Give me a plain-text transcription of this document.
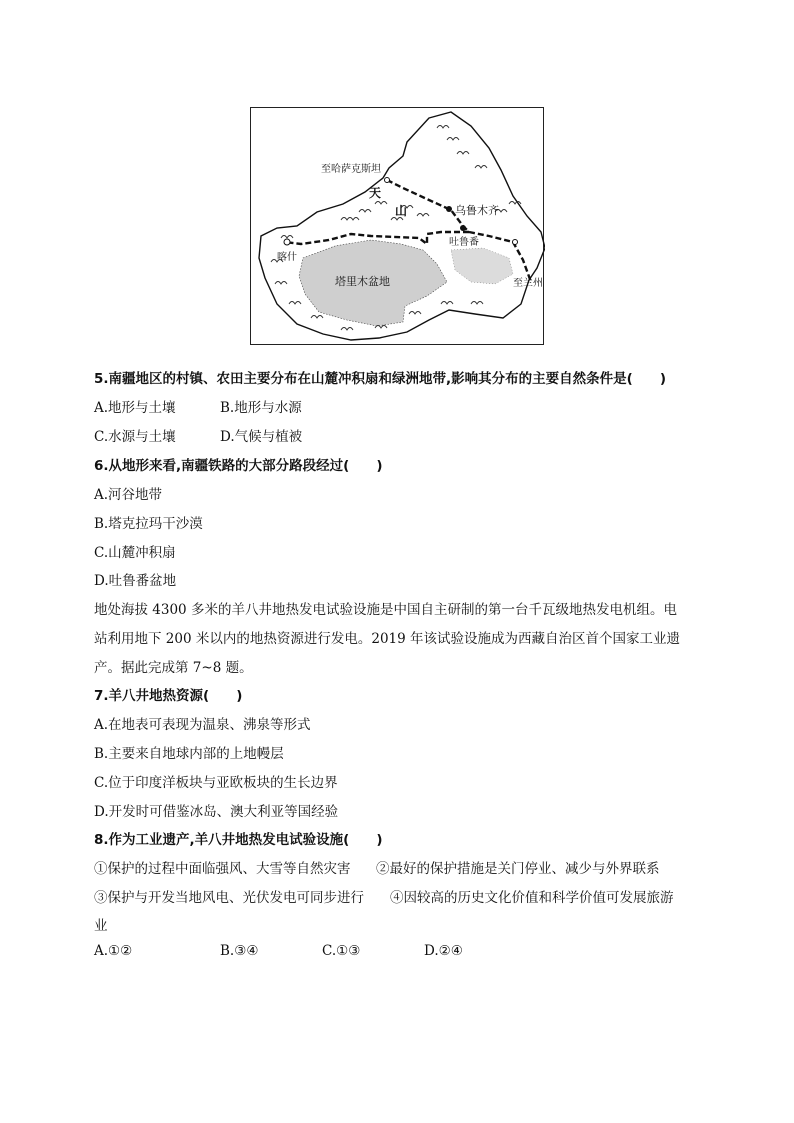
至哈萨克斯坦
天
山	乌鲁木齐
喀什
吐鲁番
塔里木盆地	至兰州
5.南疆地区的村镇、农田主要分布在山麓冲积扇和绿洲地带,影响其分布的主要自然条件是(　　)
A.地形与土壤	B.地形与水源
C.水源与土壤	D.气候与植被
6.从地形来看,南疆铁路的大部分路段经过(　　)
A.河谷地带
B.塔克拉玛干沙漠
C.山麓冲积扇
D.吐鲁番盆地
地处海拔 4300 多米的羊八井地热发电试验设施是中国自主研制的第一台千瓦级地热发电机组。电
站利用地下 200 米以内的地热资源进行发电。2019 年该试验设施成为西藏自治区首个国家工业遗
产。据此完成第 7~8 题。
7.羊八井地热资源(　　)
A.在地表可表现为温泉、沸泉等形式
B.主要来自地球内部的上地幔层
C.位于印度洋板块与亚欧板块的生长边界
D.开发时可借鉴冰岛、澳大利亚等国经验
8.作为工业遗产,羊八井地热发电试验设施(　　)
①保护的过程中面临强风、大雪等自然灾害 ②最好的保护措施是关门停业、减少与外界联系
③保护与开发当地风电、光伏发电可同步进行 ④因较高的历史文化价值和科学价值可发展旅游
业
A.①②	B.③④	C.①③	D.②④
